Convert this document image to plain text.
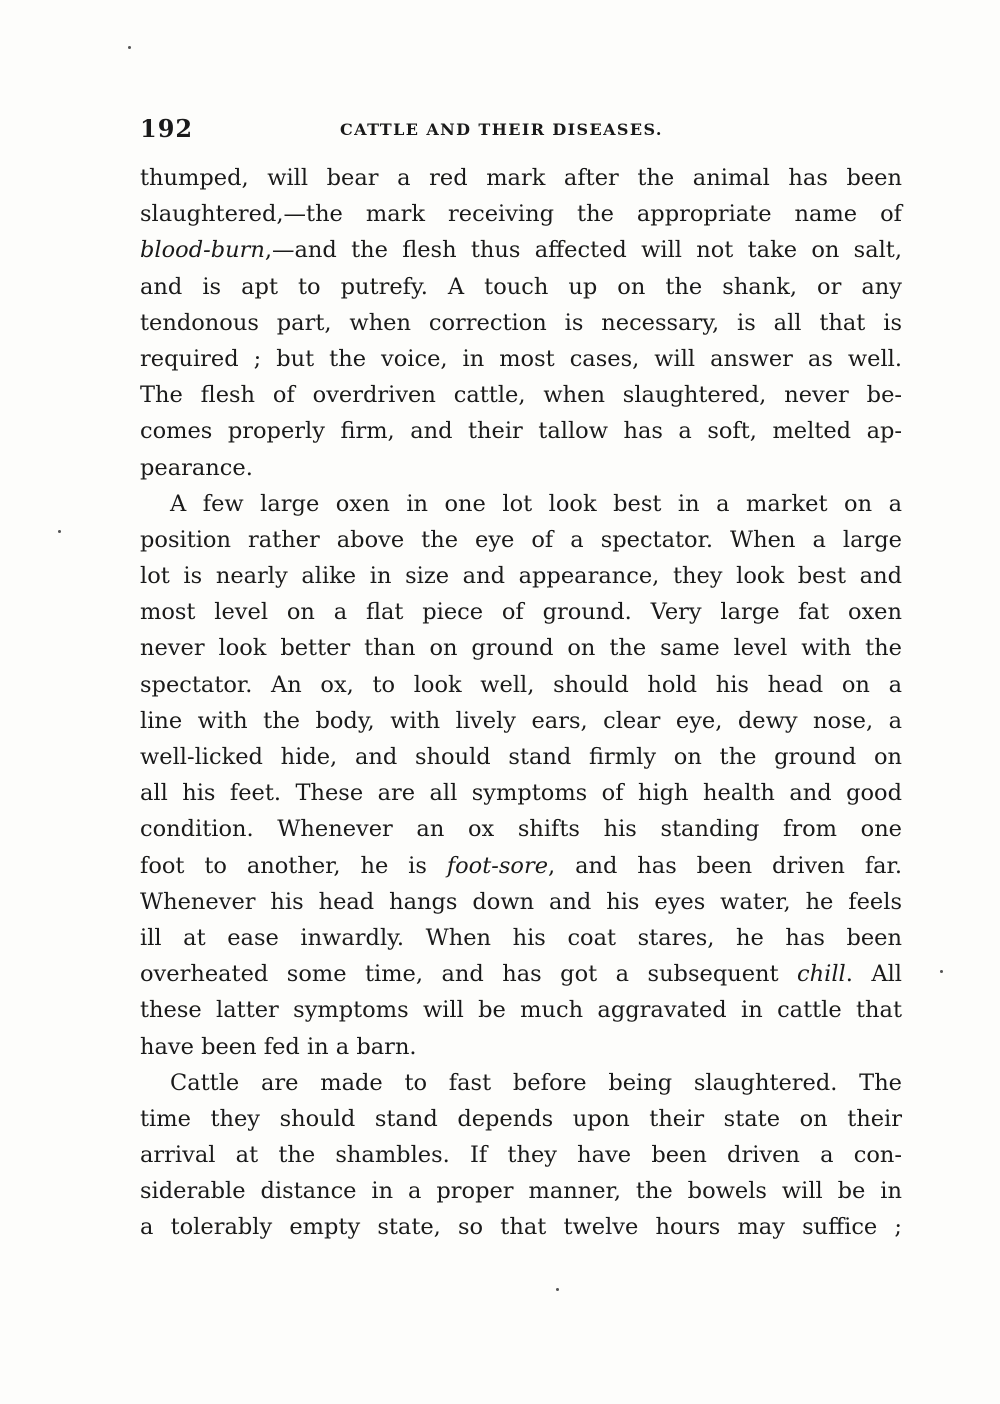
192	CATTLE AND THEIR DISEASES.
thumped, will bear a red mark after the animal has been
slaughtered,—the mark receiving the appropriate name of
blood-burn,—and the flesh thus affected will not take on salt,
and is apt to putrefy. A touch up on the shank, or any
tendonous part, when correction is necessary, is all that is
required ; but the voice, in most cases, will answer as well.
The flesh of overdriven cattle, when slaughtered, never be-
comes properly firm, and their tallow has a soft, melted ap-
pearance.
A few large oxen in one lot look best in a market on a
position rather above the eye of a spectator. When a large
lot is nearly alike in size and appearance, they look best and
most level on a flat piece of ground. Very large fat oxen
never look better than on ground on the same level with the
spectator. An ox, to look well, should hold his head on a
line with the body, with lively ears, clear eye, dewy nose, a
well-licked hide, and should stand firmly on the ground on
all his feet. These are all symptoms of high health and good
condition. Whenever an ox shifts his standing from one
foot to another, he is foot-sore, and has been driven far.
Whenever his head hangs down and his eyes water, he feels
ill at ease inwardly. When his coat stares, he has been
overheated some time, and has got a subsequent chill. All
these latter symptoms will be much aggravated in cattle that
have been fed in a barn.
Cattle are made to fast before being slaughtered. The
time they should stand depends upon their state on their
arrival at the shambles. If they have been driven a con-
siderable distance in a proper manner, the bowels will be in
a tolerably empty state, so that twelve hours may suffice ;
